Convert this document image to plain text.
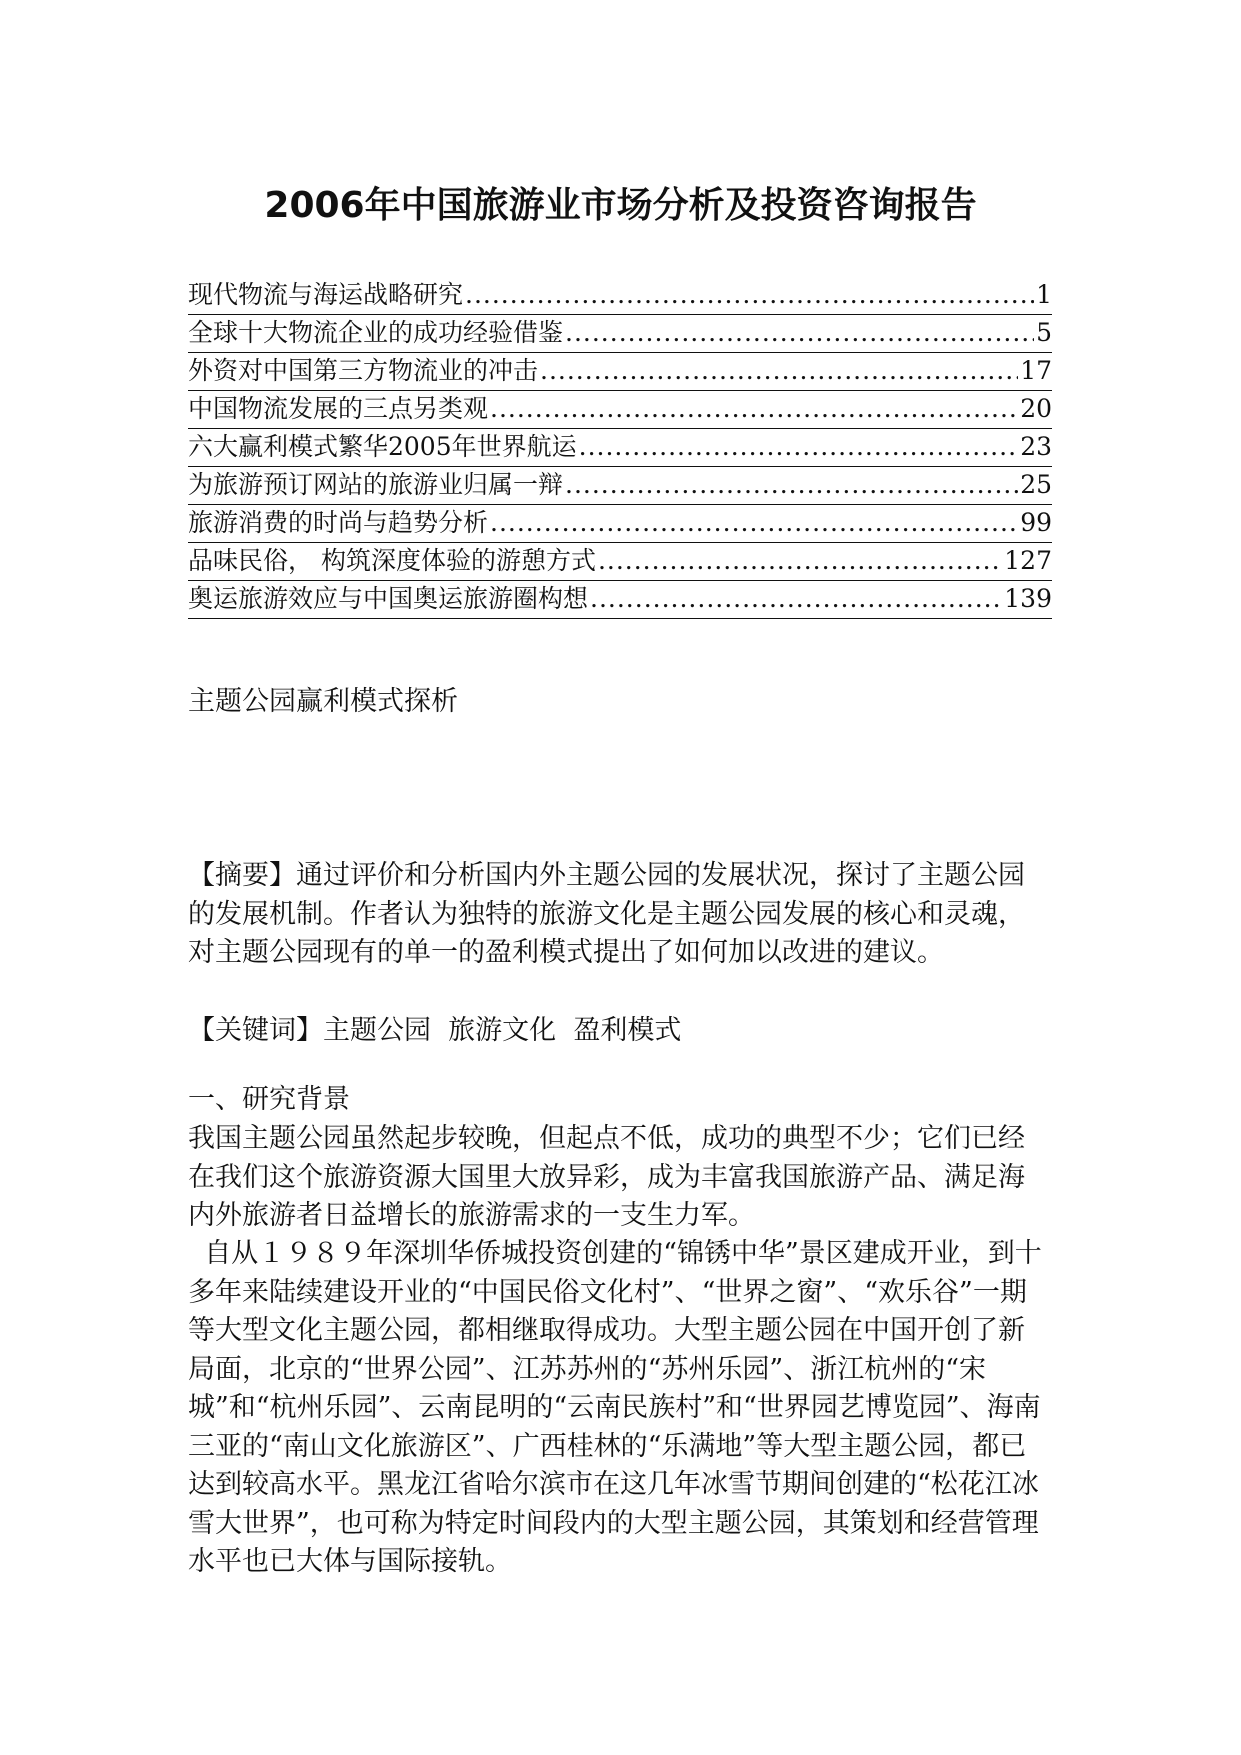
2006年中国旅游业市场分析及投资咨询报告
现代物流与海运战略研究 .....	1
全球十大物流企业的成功经验借鉴 .....	5
外资对中国第三方物流业的冲击 .....	17
中国物流发展的三点另类观 .....	20
六大赢利模式繁华2005年世界航运 .....	23
为旅游预订网站的旅游业归属一辩 .....	25
旅游消费的时尚与趋势分析 .....	99
品味民俗， 构筑深度体验的游憩方式 .....	127
奥运旅游效应与中国奥运旅游圈构想 .....	139
主题公园赢利模式探析

【摘要】通过评价和分析国内外主题公园的发展状况，探讨了主题公园的发展机制。作者认为独特的旅游文化是主题公园发展的核心和灵魂，对主题公园现有的单一的盈利模式提出了如何加以改进的建议。

【关键词】主题公园  旅游文化  盈利模式

一、研究背景

我国主题公园虽然起步较晚，但起点不低，成功的典型不少；它们已经在我们这个旅游资源大国里大放异彩，成为丰富我国旅游产品、满足海内外旅游者日益增长的旅游需求的一支生力军。

自从１９８９年深圳华侨城投资创建的“锦锈中华”景区建成开业，到十多年来陆续建设开业的“中国民俗文化村”、“世界之窗”、“欢乐谷”一期等大型文化主题公园，都相继取得成功。大型主题公园在中国开创了新局面，北京的“世界公园”、江苏苏州的“苏州乐园”、浙江杭州的“宋城”和“杭州乐园”、云南昆明的“云南民族村”和“世界园艺博览园”、海南三亚的“南山文化旅游区”、广西桂林的“乐满地”等大型主题公园，都已达到较高水平。黑龙江省哈尔滨市在这几年冰雪节期间创建的“松花江冰雪大世界”，也可称为特定时间段内的大型主题公园，其策划和经营管理水平也已大体与国际接轨。
